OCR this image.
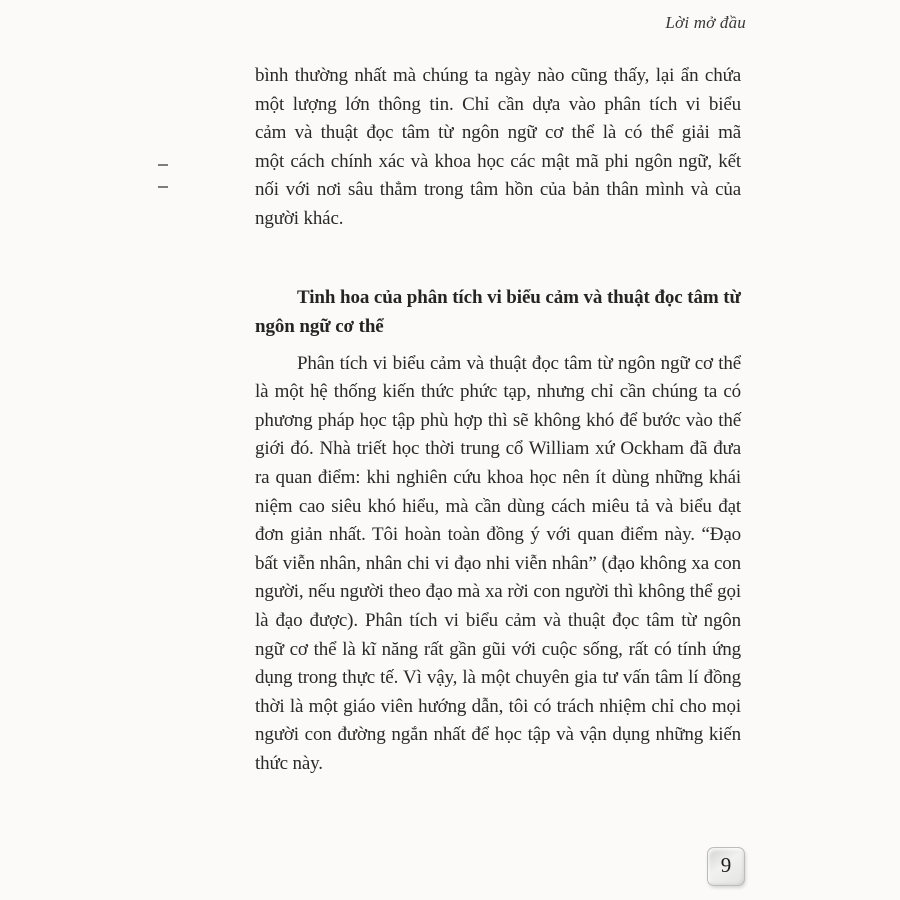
Lời mở đầu
bình thường nhất mà chúng ta ngày nào cũng thấy, lại ẩn chứa
một lượng lớn thông tin. Chỉ cần dựa vào phân tích vi biểu
cảm và thuật đọc tâm từ ngôn ngữ cơ thể là có thể giải mã
một cách chính xác và khoa học các mật mã phi ngôn ngữ, kết
nối với nơi sâu thẳm trong tâm hồn của bản thân mình và của
người khác.
Tinh hoa của phân tích vi biểu cảm và thuật đọc tâm từ
ngôn ngữ cơ thể
Phân tích vi biểu cảm và thuật đọc tâm từ ngôn ngữ cơ thể
là một hệ thống kiến thức phức tạp, nhưng chỉ cần chúng ta có
phương pháp học tập phù hợp thì sẽ không khó để bước vào thế
giới đó. Nhà triết học thời trung cổ William xứ Ockham đã đưa
ra quan điểm: khi nghiên cứu khoa học nên ít dùng những khái
niệm cao siêu khó hiểu, mà cần dùng cách miêu tả và biểu đạt
đơn giản nhất. Tôi hoàn toàn đồng ý với quan điểm này. “Đạo
bất viễn nhân, nhân chi vi đạo nhi viễn nhân” (đạo không xa con
người, nếu người theo đạo mà xa rời con người thì không thể gọi
là đạo được). Phân tích vi biểu cảm và thuật đọc tâm từ ngôn
ngữ cơ thể là kĩ năng rất gần gũi với cuộc sống, rất có tính ứng
dụng trong thực tế. Vì vậy, là một chuyên gia tư vấn tâm lí đồng
thời là một giáo viên hướng dẫn, tôi có trách nhiệm chỉ cho mọi
người con đường ngắn nhất để học tập và vận dụng những kiến
thức này.
9
